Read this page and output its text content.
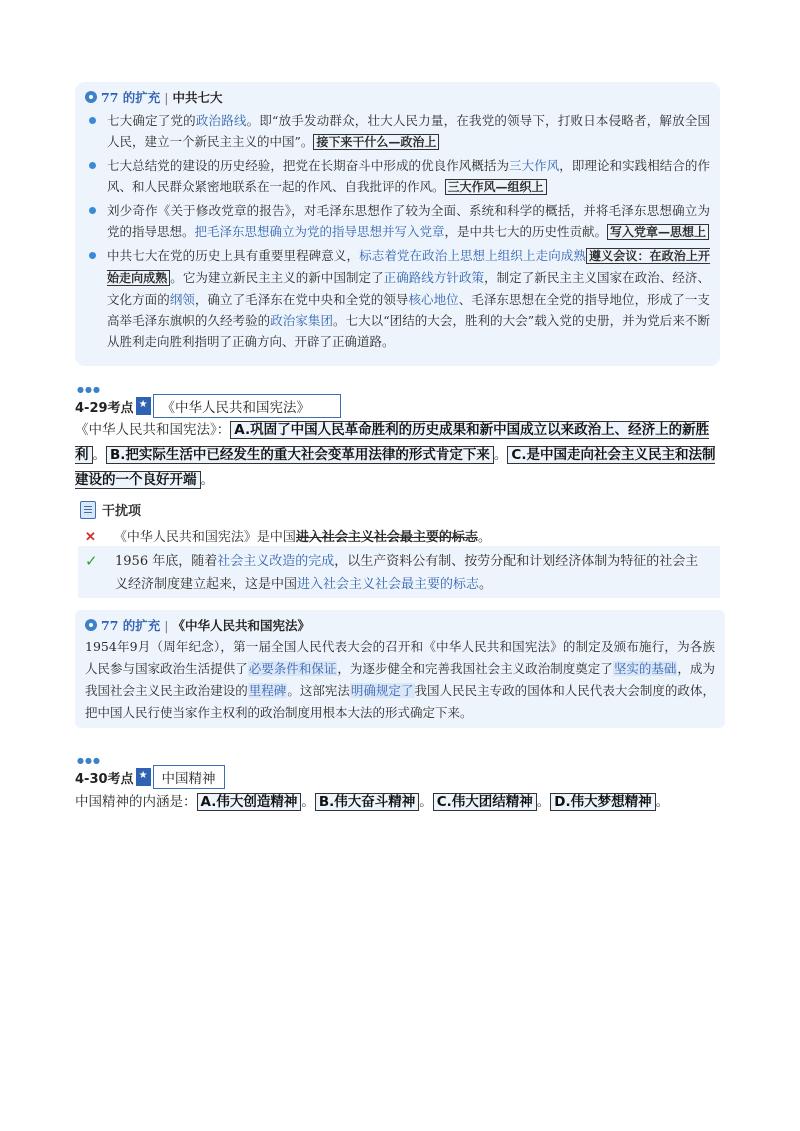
77 的扩充 | 中共七大
七大确定了党的政治路线。即“放手发动群众，壮大人民力量，在我党的领导下，打败日本侵略者，解放全国人民，建立一个新民主主义的中国”。 接下来干什么—政治上
七大总结党的建设的历史经验，把党在长期奋斗中形成的优良作风概括为三大作风，即理论和实践相结合的作风、和人民群众紧密地联系在一起的作风、自我批评的作风。 三大作风—组织上
刘少奇作《关于修改党章的报告》，对毛泽东思想作了较为全面、系统和科学的概括，并将毛泽东思想确立为党的指导思想。把毛泽东思想确立为党的指导思想并写入党章，是中共七大的历史性贡献。 写入党章—思想上
中共七大在党的历史上具有重要里程碑意义，标志着党在政治上思想上组织上走向成熟 遵义会议：在政治上开始走向成熟 。它为建立新民主主义的新中国制定了正确路线方针政策，制定了新民主主义国家在政治、经济、文化方面的纲领，确立了毛泽东在党中央和全党的领导核心地位、毛泽东思想在全党的指导地位，形成了一支高举毛泽东旗帜的久经考验的政治家集团。七大以“团结的大会，胜利的大会”载入党的史册，并为党后来不断从胜利走向胜利指明了正确方向、开辟了正确道路。
●●●
4-29考点 ★	《中华人民共和国宪法》
《中华人民共和国宪法》： A.巩固了中国人民革命胜利的历史成果和新中国成立以来政治上、经济上的新胜利 。 B.把实际生活中已经发生的重大社会变革用法律的形式肯定下来 。 C.是中国走向社会主义民主和法制建设的一个良好开端 。
干扰项
✕ 《中华人民共和国宪法》是中国进入社会主义社会最主要的标志。
✓	1956 年底，随着社会主义改造的完成，以生产资料公有制、按劳分配和计划经济体制为特征的社会主义经济制度建立起来，这是中国进入社会主义社会最主要的标志。
77 的扩充 | 《中华人民共和国宪法》
1954年9月（周年纪念），第一届全国人民代表大会的召开和《中华人民共和国宪法》的制定及颁布施行，为各族人民参与国家政治生活提供了必要条件和保证，为逐步健全和完善我国社会主义政治制度奠定了坚实的基础，成为我国社会主义民主政治建设的里程碑。这部宪法明确规定了我国人民民主专政的国体和人民代表大会制度的政体，把中国人民行使当家作主权利的政治制度用根本大法的形式确定下来。
●●●
4-30考点 ★	中国精神
中国精神的内涵是： A.伟大创造精神 。 B.伟大奋斗精神 。 C.伟大团结精神 。 D.伟大梦想精神 。
